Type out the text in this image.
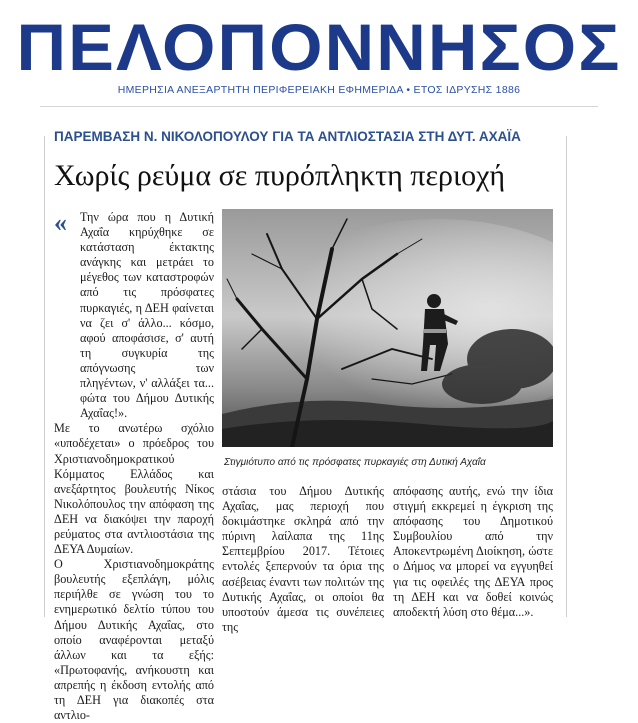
ΠΕΛΟΠΟΝΝΗΣΟΣ
ΗΜΕΡΗΣΙΑ ΑΝΕΞΑΡΤΗΤΗ ΠΕΡΙΦΕΡΕΙΑΚΗ ΕΦΗΜΕΡΙΔΑ • ΕΤΟΣ ΙΔΡΥΣΗΣ 1886
ΠΑΡΕΜΒΑΣΗ Ν. ΝΙΚΟΛΟΠΟΥΛΟΥ ΓΙΑ ΤΑ ΑΝΤΛΙΟΣΤΑΣΙΑ ΣΤΗ ΔΥΤ. ΑΧΑΪΑ
Χωρίς ρεύμα σε πυρόπληκτη περιοχή
«	Την ώρα που η Δυτική Αχαΐα κηρύχθηκε σε κατάσταση έκτακτης ανάγκης και μετράει το μέγεθος των καταστροφών από τις πρόσφατες πυρκαγιές, η ΔΕΗ φαίνεται να ζει σ' άλλο... κόσμο, αφού αποφάσισε, σ' αυτή τη συγκυρία της απόγνωσης των πληγέντων, ν' αλλάξει τα... φώτα του Δήμου Δυτικής Αχαΐας!».

Με το ανωτέρω σχόλιο «υποδέχεται» ο πρόεδρος του Χριστιανοδημοκρατικού Κόμματος Ελλάδος και ανεξάρτητος βουλευτής Νίκος Νικολόπουλος την απόφαση της ΔΕΗ να διακόψει την παροχή ρεύματος στα αντλιοστάσια της ΔΕΥΑ Δυμαίων.

Ο Χριστιανοδημοκράτης βουλευτής εξεπλάγη, μόλις περιήλθε σε γνώση του το ενημερωτικό δελτίο τύπου του Δήμου Δυτικής Αχαΐας, στο οποίο αναφέρονται μεταξύ άλλων και τα εξής: «Πρωτοφανής, ανήκουστη και απρεπής η έκδοση εντολής από τη ΔΕΗ για διακοπές στα αντλιο-

Στιγμιότυπο από τις πρόσφατες πυρκαγιές στη Δυτική Αχαΐα

στάσια του Δήμου Δυτικής Αχαΐας, μας περιοχή που δοκιμάστηκε σκληρά από την πύρινη λαίλαπα της 11ης Σεπτεμβρίου 2017. Τέτοιες εντολές ξεπερνούν τα όρια της ασέβειας έναντι των πολιτών της Δυτικής Αχαΐας, οι οποίοι θα υποστούν άμεσα τις συνέπειες της

απόφασης αυτής, ενώ την ίδια στιγμή εκκρεμεί η έγκριση της απόφασης του Δημοτικού Συμβουλίου από την Αποκεντρωμένη Διοίκηση, ώστε ο Δήμος να μπορεί να εγγυηθεί για τις οφειλές της ΔΕΥΑ προς τη ΔΕΗ και να δοθεί κοινώς αποδεκτή λύση στο θέμα...».
